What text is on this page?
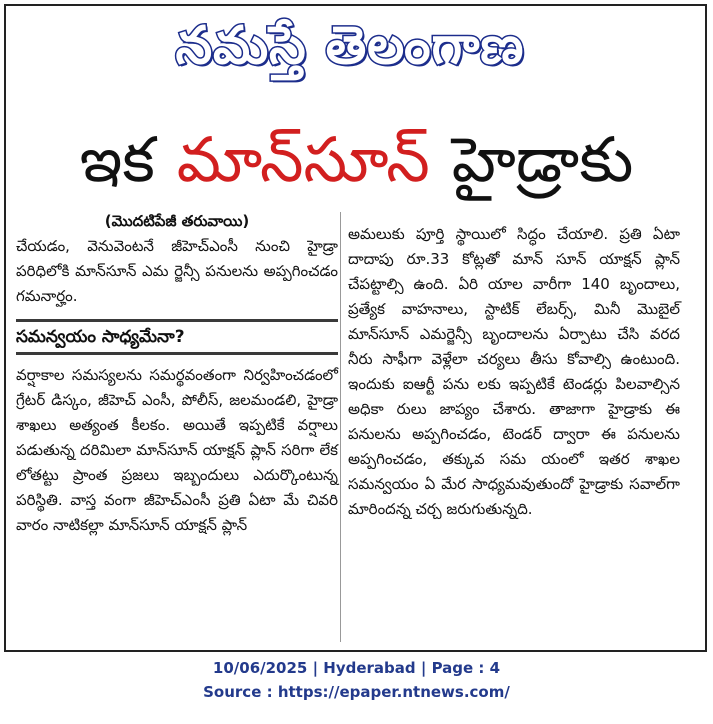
నమస్తే తెలంగాణ
ఇక మాన్‌సూన్‌ హైడ్రాకు
(మొదటిపేజీ తరువాయి)

చేయడం, వెనువెంటనే జీహెచ్‌ఎంసీ నుంచి హైడ్రా పరిధిలోకి మాన్‌సూన్‌ ఎమ ర్జెన్సీ పనులను అప్పగించడం గమనార్హం.

సమన్వయం సాధ్యమేనా?

వర్షాకాల సమస్యలను సమర్థవంతంగా నిర్వహించడంలో గ్రేటర్‌ డిస్కం, జీహెచ్‌ ఎంసీ, పోలీస్‌, జలమండలి, హైడ్రా శాఖలు అత్యంత కీలకం. అయితే ఇప్పటికే వర్షాలు పడుతున్న దరిమిలా మాన్‌సూన్‌ యాక్షన్‌ ప్లాన్‌ సరిగా లేక లోతట్టు ప్రాంత ప్రజలు ఇబ్బందులు ఎదుర్కొంటున్న పరిస్థితి. వాస్త వంగా జీహెచ్‌ఎంసీ ప్రతి ఏటా మే చివరి వారం నాటికల్లా మాన్‌సూన్‌ యాక్షన్‌ ప్లాన్‌

అమలుకు పూర్తి స్థాయిలో సిద్ధం చేయాలి. ప్రతి ఏటా దాదాపు రూ.33 కోట్లతో మాన్‌ సూన్‌ యాక్షన్‌ ప్లాన్‌ చేపట్టాల్సి ఉంది. ఏరి యాల వారీగా 140 బృందాలు, ప్రత్యేక వాహనాలు, స్టాటిక్‌ లేబర్స్‌, మినీ మొబైల్‌ మాన్‌సూన్‌ ఎమర్జెన్సీ బృందాలను ఏర్పాటు చేసి వరద నీరు సాఫీగా వెళ్లేలా చర్యలు తీసు కోవాల్సి ఉంటుంది. ఇందుకు ఐఆర్టీ పను లకు ఇప్పటికే టెండర్లు పిలవాల్సిన అధికా రులు జాప్యం చేశారు. తాజాగా హైడ్రాకు ఈ పనులను అప్పగించడం, టెండర్‌ ద్వారా ఈ పనులను అప్పగించడం, తక్కువ సమ యంలో ఇతర శాఖల సమన్వయం ఏ మేర సాధ్యమవుతుందో హైడ్రాకు సవాల్‌గా మారిందన్న చర్చ జరుగుతున్నది.

10/06/2025 | Hyderabad | Page : 4
Source : https://epaper.ntnews.com/
